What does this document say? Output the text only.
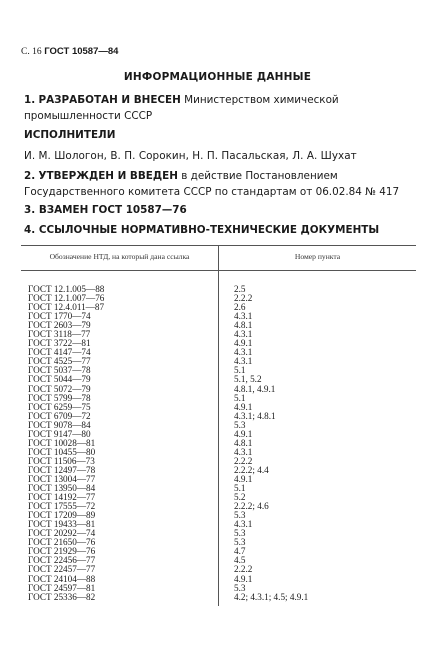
С. 16 ГОСТ 10587—84
ИНФОРМАЦИОННЫЕ ДАННЫЕ
1. РАЗРАБОТАН И ВНЕСЕН Министерством химической промышленности СССР
ИСПОЛНИТЕЛИ
И. М. Шологон, В. П. Сорокин, Н. П. Пасальская, Л. А. Шухат
2. УТВЕРЖДЕН И ВВЕДЕН в действие Постановлением Государственного комитета СССР по стандартам от 06.02.84 № 417
3. ВЗАМЕН ГОСТ 10587—76
4. ССЫЛОЧНЫЕ НОРМАТИВНО-ТЕХНИЧЕСКИЕ ДОКУМЕНТЫ
Обозначение НТД, на который дана ссылка	Номер пункта
ГОСТ 12.1.005—88	2.5
ГОСТ 12.1.007—76	2.2.2
ГОСТ 12.4.011—87	2.6
ГОСТ 1770—74	4.3.1
ГОСТ 2603—79	4.8.1
ГОСТ 3118—77	4.3.1
ГОСТ 3722—81	4.9.1
ГОСТ 4147—74	4.3.1
ГОСТ 4525—77	4.3.1
ГОСТ 5037—78	5.1
ГОСТ 5044—79	5.1, 5.2
ГОСТ 5072—79	4.8.1, 4.9.1
ГОСТ 5799—78	5.1
ГОСТ 6259—75	4.9.1
ГОСТ 6709—72	4.3.1; 4.8.1
ГОСТ 9078—84	5.3
ГОСТ 9147—80	4.9.1
ГОСТ 10028—81	4.8.1
ГОСТ 10455—80	4.3.1
ГОСТ 11506—73	2.2.2
ГОСТ 12497—78	2.2.2; 4.4
ГОСТ 13004—77	4.9.1
ГОСТ 13950—84	5.1
ГОСТ 14192—77	5.2
ГОСТ 17555—72	2.2.2; 4.6
ГОСТ 17209—89	5.3
ГОСТ 19433—81	4.3.1
ГОСТ 20292—74	5.3
ГОСТ 21650—76	5.3
ГОСТ 21929—76	4.7
ГОСТ 22456—77	4.5
ГОСТ 22457—77	2.2.2
ГОСТ 24104—88	4.9.1
ГОСТ 24597—81	5.3
ГОСТ 25336—82	4.2; 4.3.1; 4.5; 4.9.1
